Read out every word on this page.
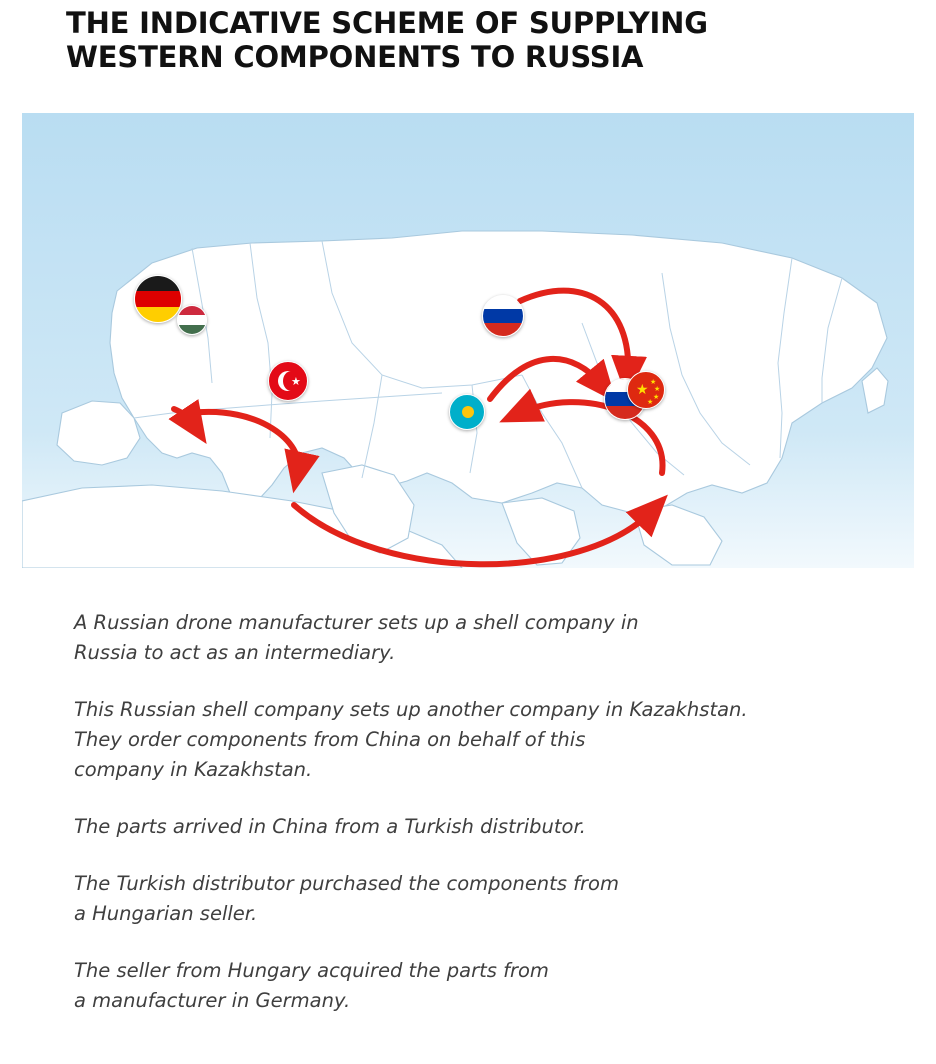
THE INDICATIVE SCHEME OF SUPPLYING
WESTERN COMPONENTS TO RUSSIA
★	★ ★
★
★
★
A Russian drone manufacturer sets up a shell company in
Russia to act as an intermediary.
This Russian shell company sets up another company in Kazakhstan.
They order components from China on behalf of this
company in Kazakhstan.
The parts arrived in China from a Turkish distributor.
The Turkish distributor purchased the components from
a Hungarian seller.
The seller from Hungary acquired the parts from
a manufacturer in Germany.
